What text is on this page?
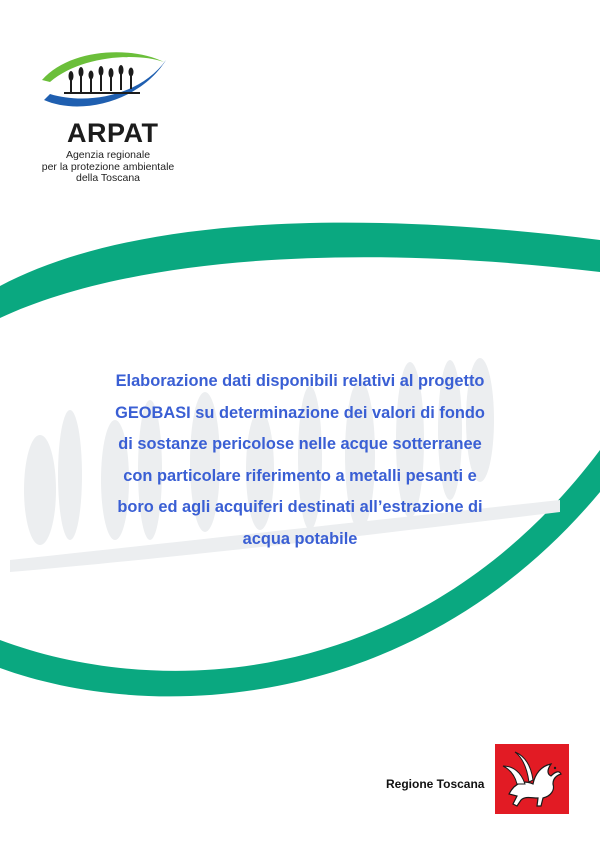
ARPAT
Agenzia regionale
per la protezione ambientale
della Toscana
Elaborazione dati disponibili relativi al progetto
GEOBASI su determinazione dei valori di fondo
di sostanze pericolose nelle acque sotterranee
con particolare riferimento a metalli pesanti e
boro ed agli acquiferi destinati all’estrazione di
acqua potabile
Regione Toscana
